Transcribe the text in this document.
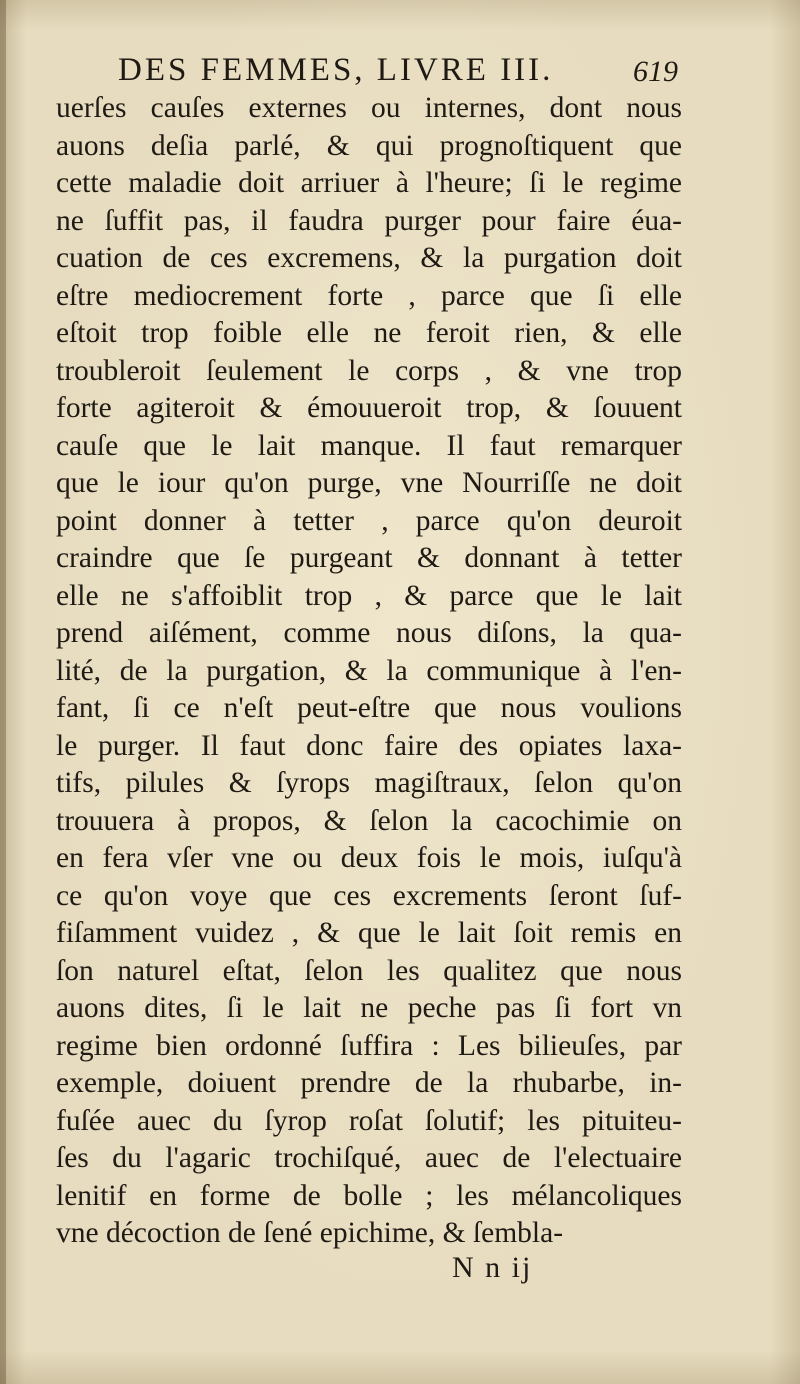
DES FEMMES, LIVRE III.	619
uerſes cauſes externes ou internes, dont nous
auons deſia parlé, & qui prognoſtiquent que
cette maladie doit arriuer à l'heure; ſi le regime
ne ſuffit pas, il faudra purger pour faire éua-
cuation de ces excremens, & la purgation doit
eſtre mediocrement forte , parce que ſi elle
eſtoit trop foible elle ne feroit rien, & elle
troubleroit ſeulement le corps , & vne trop
forte agiteroit & émouueroit trop, & ſouuent
cauſe que le lait manque. Il faut remarquer
que le iour qu'on purge, vne Nourriſſe ne doit
point donner à tetter , parce qu'on deuroit
craindre que ſe purgeant & donnant à tetter
elle ne s'affoiblit trop , & parce que le lait
prend aiſément, comme nous diſons, la qua-
lité, de la purgation, & la communique à l'en-
fant, ſi ce n'eſt peut-eſtre que nous voulions
le purger. Il faut donc faire des opiates laxa-
tifs, pilules & ſyrops magiſtraux, ſelon qu'on
trouuera à propos, & ſelon la cacochimie on
en fera vſer vne ou deux fois le mois, iuſqu'à
ce qu'on voye que ces excrements ſeront ſuf-
fiſamment vuidez , & que le lait ſoit remis en
ſon naturel eſtat, ſelon les qualitez que nous
auons dites, ſi le lait ne peche pas ſi fort vn
regime bien ordonné ſuffira : Les bilieuſes, par
exemple, doiuent prendre de la rhubarbe, in-
fuſée auec du ſyrop roſat ſolutif; les pituiteu-
ſes du l'agaric trochiſqué, auec de l'electuaire
lenitif en forme de bolle ; les mélancoliques
vne décoction de ſené epichime, & ſembla-
N n ij
